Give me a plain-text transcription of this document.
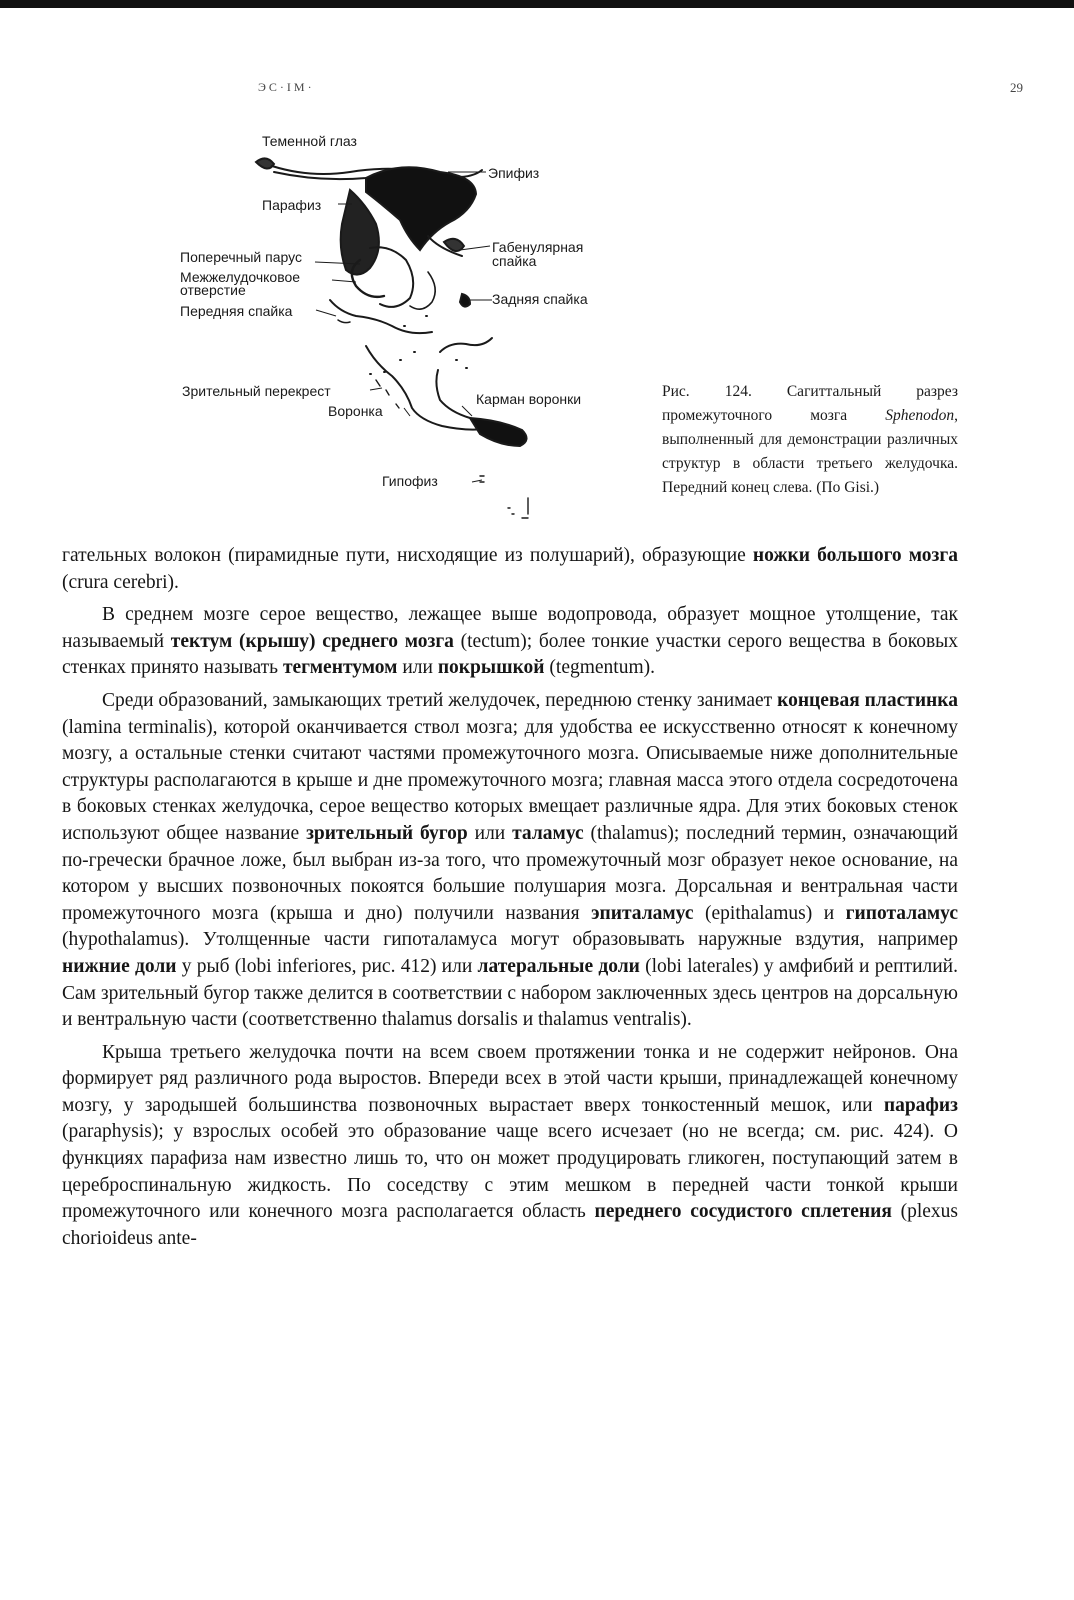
ЭС·ІМ·	29
Теменной глаз
Эпифиз
Парафиз
Поперечный парус
Габенулярная
спайка
Межжелудочковое
отверстие
Задняя спайка
Передняя спайка
Зрительный перекрест
Воронка
Карман воронки
Гипофиз
Рис. 124. Сагиттальный разрез промежуточного мозга Sphenodon, выполненный для демонстрации различных структур в области третьего желудочка. Передний конец слева. (По Gisi.)

гательных волокон (пирамидные пути, нисходящие из полушарий), образующие ножки большого мозга (crura cerebri).

В среднем мозге серое вещество, лежащее выше водопровода, образует мощное утолщение, так называемый тектум (крышу) среднего мозга (tectum); более тонкие участки серого вещества в боковых стенках принято называть тегментумом или покрышкой (tegmentum).

Среди образований, замыкающих третий желудочек, переднюю стенку занимает концевая пластинка (lamina terminalis), которой оканчивается ствол мозга; для удобства ее искусственно относят к конечному мозгу, а остальные стенки считают частями промежуточного мозга. Описываемые ниже дополнительные структуры располагаются в крыше и дне промежуточного мозга; главная масса этого отдела сосредоточена в боковых стенках желудочка, серое вещество которых вмещает различные ядра. Для этих боковых стенок используют общее название зрительный бугор или таламус (thalamus); последний термин, означающий по-гречески брачное ложе, был выбран из-за того, что промежуточный мозг образует некое основание, на котором у высших позвоночных покоятся большие полушария мозга. Дорсальная и вентральная части промежуточного мозга (крыша и дно) получили названия эпиталамус (epithalamus) и гипоталамус (hypothalamus). Утолщенные части гипоталамуса могут образовывать наружные вздутия, например нижние доли у рыб (lobi inferiores, рис. 412) или латеральные доли (lobi laterales) у амфибий и рептилий. Сам зрительный бугор также делится в соответствии с набором заключенных здесь центров на дорсальную и вентральную части (соответственно thalamus dorsalis и thalamus ventralis).

Крыша третьего желудочка почти на всем своем протяжении тонка и не содержит нейронов. Она формирует ряд различного рода выростов. Впереди всех в этой части крыши, принадлежащей конечному мозгу, у зародышей большинства позвоночных вырастает вверх тонкостенный мешок, или парафиз (paraphysis); у взрослых особей это образование чаще всего исчезает (но не всегда; см. рис. 424). О функциях парафиза нам известно лишь то, что он может продуцировать гликоген, поступающий затем в цереброспинальную жидкость. По соседству с этим мешком в передней части тонкой крыши промежуточного или конечного мозга располагается область переднего сосудистого сплетения (plexus chorioideus ante-
